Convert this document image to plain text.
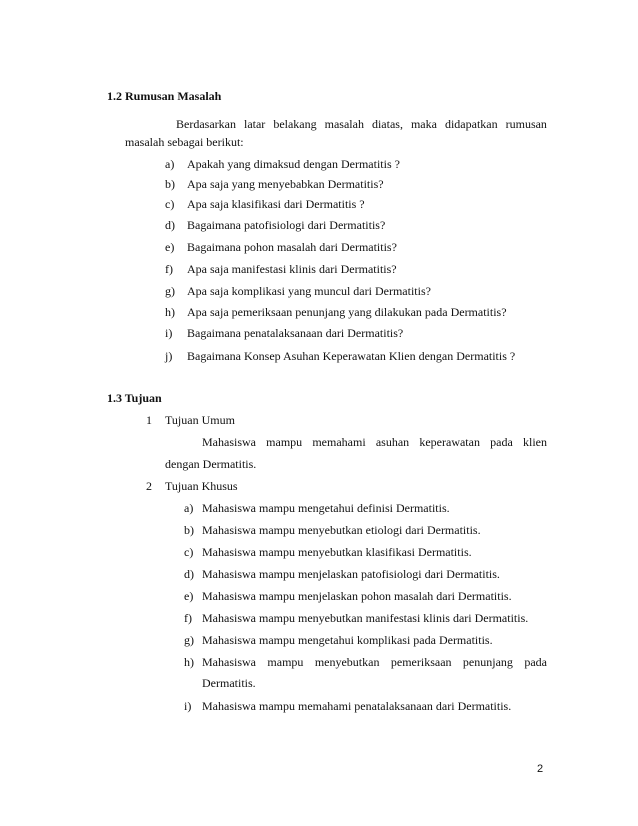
1.2 Rumusan Masalah
Berdasarkan latar belakang masalah diatas, maka didapatkan rumusan
masalah sebagai berikut:
a) Apakah yang dimaksud dengan Dermatitis ?
b) Apa saja yang menyebabkan Dermatitis?
c) Apa saja klasifikasi dari Dermatitis ?
d) Bagaimana patofisiologi dari Dermatitis?
e) Bagaimana pohon masalah dari Dermatitis?
f) Apa saja manifestasi klinis dari Dermatitis?
g) Apa saja komplikasi yang muncul dari Dermatitis?
h) Apa saja pemeriksaan penunjang yang dilakukan pada Dermatitis?
i) Bagaimana penatalaksanaan dari Dermatitis?
j) Bagaimana Konsep Asuhan Keperawatan Klien dengan Dermatitis ?
1.3 Tujuan
1 Tujuan Umum
Mahasiswa mampu memahami asuhan keperawatan pada klien
dengan Dermatitis.
2 Tujuan Khusus
a) Mahasiswa mampu mengetahui definisi Dermatitis.
b) Mahasiswa mampu menyebutkan etiologi dari Dermatitis.
c) Mahasiswa mampu menyebutkan klasifikasi Dermatitis.
d) Mahasiswa mampu menjelaskan patofisiologi dari Dermatitis.
e) Mahasiswa mampu menjelaskan pohon masalah dari Dermatitis.
f) Mahasiswa mampu menyebutkan manifestasi klinis dari Dermatitis.
g) Mahasiswa mampu mengetahui komplikasi pada Dermatitis.
h) Mahasiswa mampu menyebutkan pemeriksaan penunjang pada
Dermatitis.
i) Mahasiswa mampu memahami penatalaksanaan dari Dermatitis.
2
